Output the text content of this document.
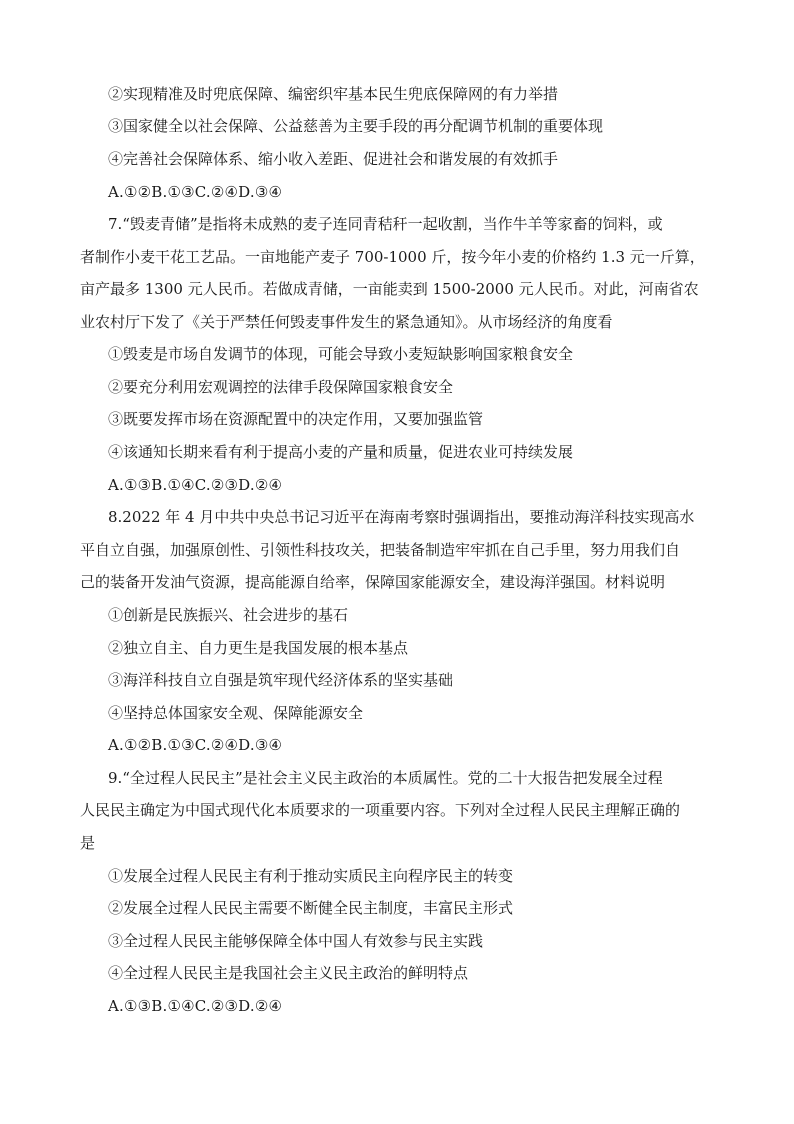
②实现精准及时兜底保障、编密织牢基本民生兜底保障网的有力举措
③国家健全以社会保障、公益慈善为主要手段的再分配调节机制的重要体现
④完善社会保障体系、缩小收入差距、促进社会和谐发展的有效抓手
A.①②B.①③C.②④D.③④
7.“毁麦青储”是指将未成熟的麦子连同青秸秆一起收割，当作牛羊等家畜的饲料，或
者制作小麦干花工艺品。一亩地能产麦子 700-1000 斤，按今年小麦的价格约 1.3 元一斤算，
亩产最多 1300 元人民币。若做成青储，一亩能卖到 1500-2000 元人民币。对此，河南省农
业农村厅下发了《关于严禁任何毁麦事件发生的紧急通知》。从市场经济的角度看
①毁麦是市场自发调节的体现，可能会导致小麦短缺影响国家粮食安全
②要充分利用宏观调控的法律手段保障国家粮食安全
③既要发挥市场在资源配置中的决定作用，又要加强监管
④该通知长期来看有利于提高小麦的产量和质量，促进农业可持续发展
A.①③B.①④C.②③D.②④
8.2022 年 4 月中共中央总书记习近平在海南考察时强调指出，要推动海洋科技实现高水
平自立自强，加强原创性、引领性科技攻关，把装备制造牢牢抓在自己手里，努力用我们自
己的装备开发油气资源，提高能源自给率，保障国家能源安全，建设海洋强国。材料说明
①创新是民族振兴、社会进步的基石
②独立自主、自力更生是我国发展的根本基点
③海洋科技自立自强是筑牢现代经济体系的坚实基础
④坚持总体国家安全观、保障能源安全
A.①②B.①③C.②④D.③④
9.“全过程人民民主”是社会主义民主政治的本质属性。党的二十大报告把发展全过程
人民民主确定为中国式现代化本质要求的一项重要内容。下列对全过程人民民主理解正确的
是
①发展全过程人民民主有利于推动实质民主向程序民主的转变
②发展全过程人民民主需要不断健全民主制度，丰富民主形式
③全过程人民民主能够保障全体中国人有效参与民主实践
④全过程人民民主是我国社会主义民主政治的鲜明特点
A.①③B.①④C.②③D.②④
